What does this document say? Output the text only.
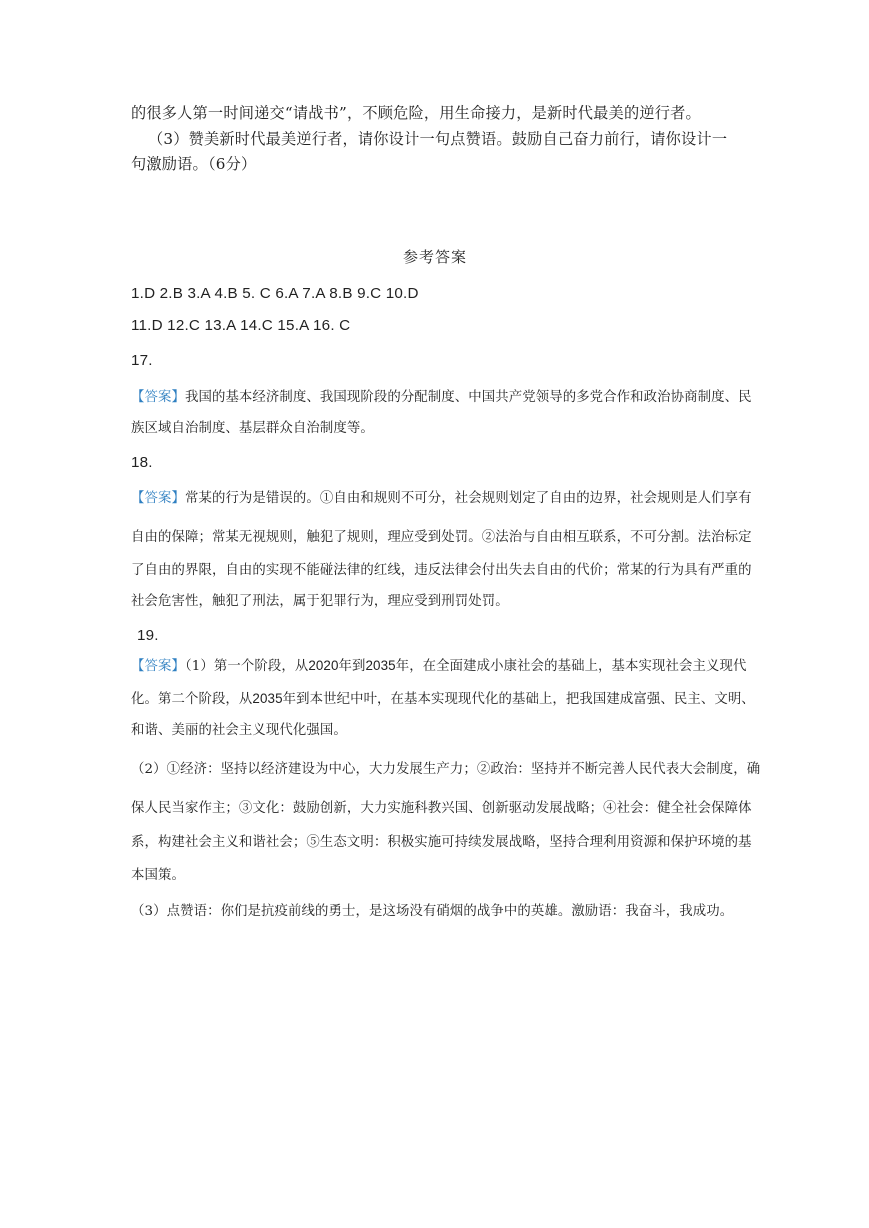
的很多人第一时间递交“请战书”，不顾危险，用生命接力，是新时代最美的逆行者。
（3）赞美新时代最美逆行者，请你设计一句点赞语。鼓励自己奋力前行，请你设计一
句激励语。（6分）
参考答案
1.D 2.B 3.A 4.B 5. C 6.A 7.A 8.B 9.C 10.D
11.D 12.C 13.A 14.C 15.A 16. C
17.
【答案】我国的基本经济制度、我国现阶段的分配制度、中国共产党领导的多党合作和政治协商制度、民
族区域自治制度、基层群众自治制度等。
18.
【答案】常某的行为是错误的。①自由和规则不可分，社会规则划定了自由的边界，社会规则是人们享有
自由的保障；常某无视规则，触犯了规则，理应受到处罚。②法治与自由相互联系，不可分割。法治标定
了自由的界限，自由的实现不能碰法律的红线，违反法律会付出失去自由的代价；常某的行为具有严重的
社会危害性，触犯了刑法，属于犯罪行为，理应受到刑罚处罚。
19.
【答案】（1）第一个阶段，从2020年到2035年，在全面建成小康社会的基础上，基本实现社会主义现代
化。第二个阶段，从2035年到本世纪中叶，在基本实现现代化的基础上，把我国建成富强、民主、文明、
和谐、美丽的社会主义现代化强国。
（2）①经济：坚持以经济建设为中心，大力发展生产力；②政治：坚持并不断完善人民代表大会制度，确
保人民当家作主；③文化：鼓励创新，大力实施科教兴国、创新驱动发展战略；④社会：健全社会保障体
系，构建社会主义和谐社会；⑤生态文明：积极实施可持续发展战略，坚持合理利用资源和保护环境的基
本国策。
（3）点赞语：你们是抗疫前线的勇士，是这场没有硝烟的战争中的英雄。激励语：我奋斗，我成功。
